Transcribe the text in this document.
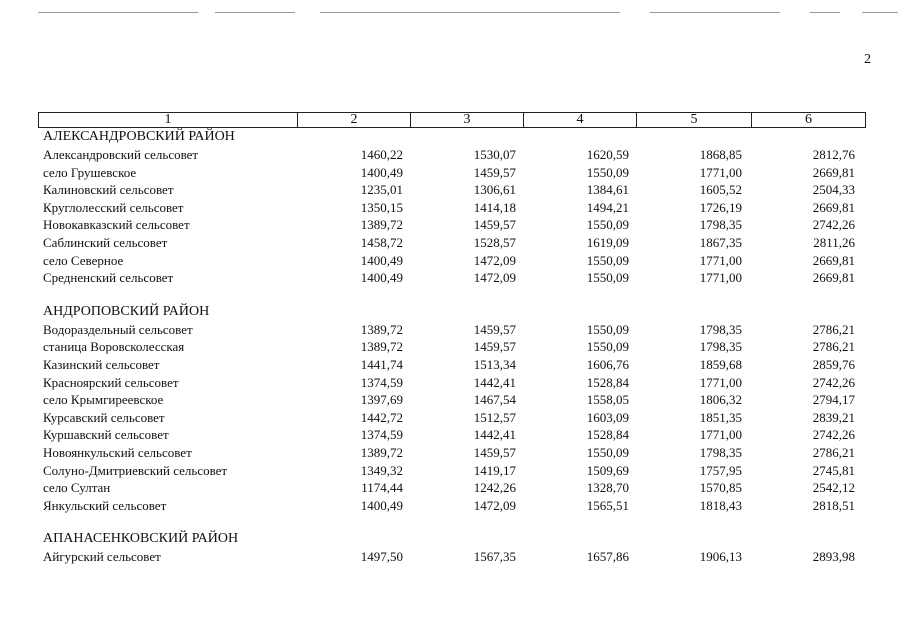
2
1	2	3	4	5	6
АЛЕКСАНДРОВСКИЙ РАЙОН
Александровский сельсовет	1460,22	1530,07	1620,59	1868,85	2812,76
село Грушевское	1400,49	1459,57	1550,09	1771,00	2669,81
Калиновский сельсовет	1235,01	1306,61	1384,61	1605,52	2504,33
Круглолесский сельсовет	1350,15	1414,18	1494,21	1726,19	2669,81
Новокавказский сельсовет	1389,72	1459,57	1550,09	1798,35	2742,26
Саблинский сельсовет	1458,72	1528,57	1619,09	1867,35	2811,26
село Северное	1400,49	1472,09	1550,09	1771,00	2669,81
Средненский сельсовет	1400,49	1472,09	1550,09	1771,00	2669,81
АНДРОПОВСКИЙ РАЙОН
Водораздельный сельсовет	1389,72	1459,57	1550,09	1798,35	2786,21
станица Воровсколесская	1389,72	1459,57	1550,09	1798,35	2786,21
Казинский сельсовет	1441,74	1513,34	1606,76	1859,68	2859,76
Красноярский сельсовет	1374,59	1442,41	1528,84	1771,00	2742,26
село Крымгиреевское	1397,69	1467,54	1558,05	1806,32	2794,17
Курсавский сельсовет	1442,72	1512,57	1603,09	1851,35	2839,21
Куршавский сельсовет	1374,59	1442,41	1528,84	1771,00	2742,26
Новоянкульский сельсовет	1389,72	1459,57	1550,09	1798,35	2786,21
Солуно-Дмитриевский сельсовет	1349,32	1419,17	1509,69	1757,95	2745,81
село Султан	1174,44	1242,26	1328,70	1570,85	2542,12
Янкульский сельсовет	1400,49	1472,09	1565,51	1818,43	2818,51
АПАНАСЕНКОВСКИЙ РАЙОН
Айгурский сельсовет	1497,50	1567,35	1657,86	1906,13	2893,98
